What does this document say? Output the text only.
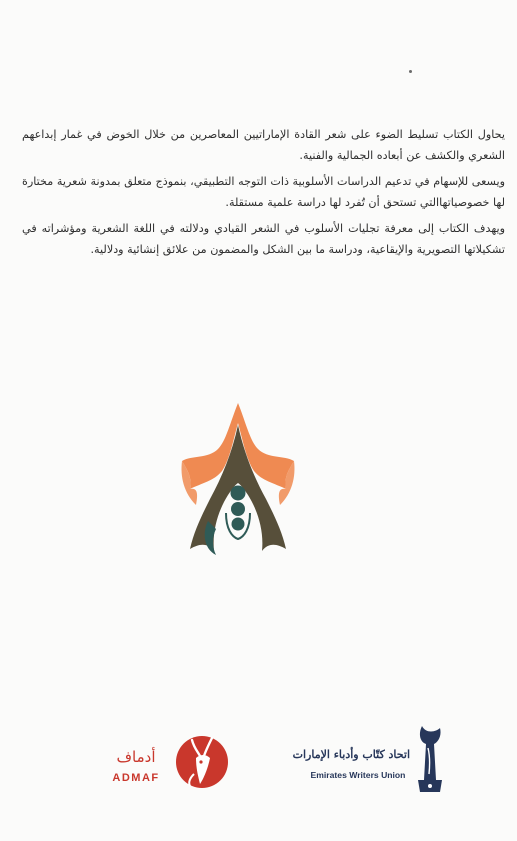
يحاول الكتاب تسليط الضوء على شعر القادة الإماراتيين المعاصرين من خلال الخوض في غمار إبداعهم الشعري والكشف عن أبعاده الجمالية والفنية.

ويسعى للإسهام في تدعيم الدراسات الأسلوبية ذات التوجه التطبيقي، بنموذج متعلق بمدونة شعرية مختارة لها خصوصياتهاالتي تستحق أن تُفرد لها دراسة علمية مستقلة.

ويهدف الكتاب إلى معرفة تجليات الأسلوب في الشعر القيادي ودلالته في اللغة الشعرية ومؤشراته في تشكيلاتها التصويرية والإيقاعية، ودراسة ما بين الشكل والمضمون من علائق إنشائية ودلالية.

أدماف
ADMAF
اتحاد كتّاب وأدباء الإمارات
Emirates Writers Union
